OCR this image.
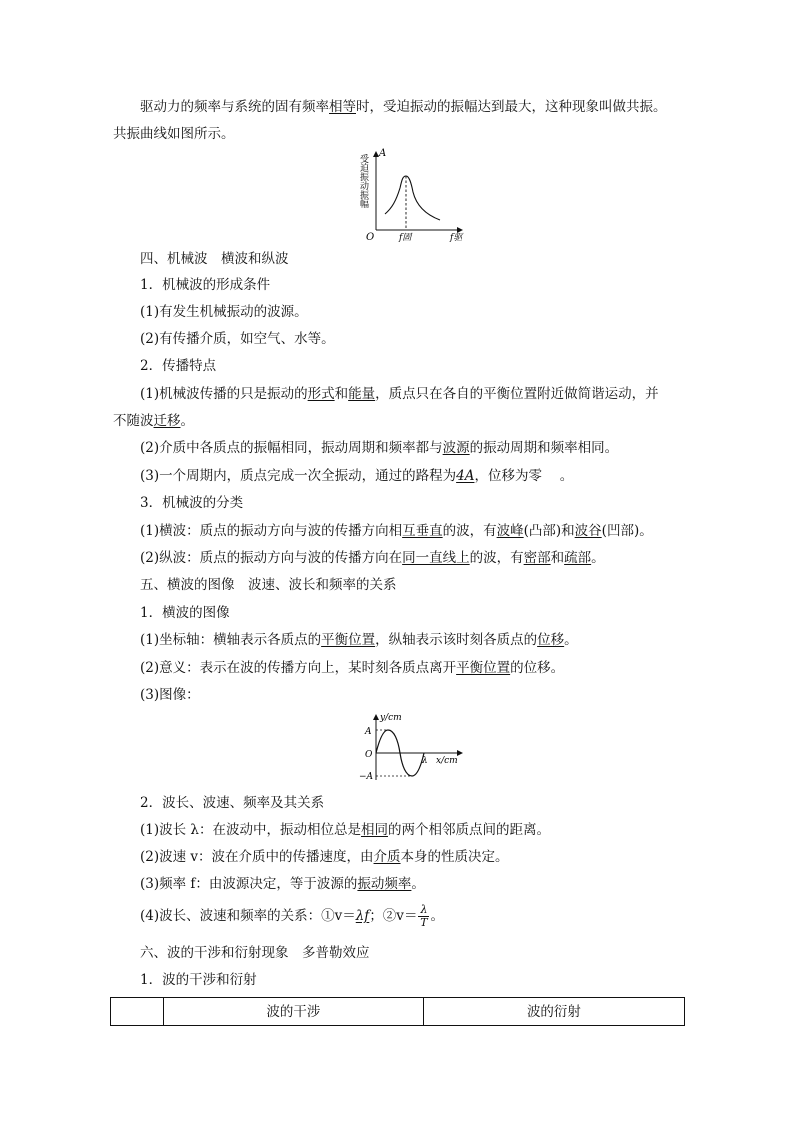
驱动力的频率与系统的固有频率相等时，受迫振动的振幅达到最大，这种现象叫做共振。
共振曲线如图所示。
A
受迫振动振幅
O	f固	f驱
四、机械波　横波和纵波
1．机械波的形成条件
(1)有发生机械振动的波源。
(2)有传播介质，如空气、水等。
2．传播特点
(1)机械波传播的只是振动的形式和能量，质点只在各自的平衡位置附近做简谐运动，并
不随波迁移。
(2)介质中各质点的振幅相同，振动周期和频率都与波源的振动周期和频率相同。
(3)一个周期内，质点完成一次全振动，通过的路程为4A，位移为零　 。
3．机械波的分类
(1)横波：质点的振动方向与波的传播方向相互垂直的波，有波峰(凸部)和波谷(凹部)。
(2)纵波：质点的振动方向与波的传播方向在同一直线上的波，有密部和疏部。
五、横波的图像　波速、波长和频率的关系
1．横波的图像
(1)坐标轴：横轴表示各质点的平衡位置，纵轴表示该时刻各质点的位移。
(2)意义：表示在波的传播方向上，某时刻各质点离开平衡位置的位移。
(3)图像：
y/cm
A
O
−A
λ x/cm
2．波长、波速、频率及其关系
(1)波长 λ：在波动中，振动相位总是相同的两个相邻质点间的距离。
(2)波速 v：波在介质中的传播速度，由介质本身的性质决定。
(3)频率 f：由波源决定，等于波源的振动频率。
(4)波长、波速和频率的关系：①v＝λf；②v＝ $\frac{\lambda}{T}$ 。
六、波的干涉和衍射现象　多普勒效应
1．波的干涉和衍射
	波的干涉	波的衍射
